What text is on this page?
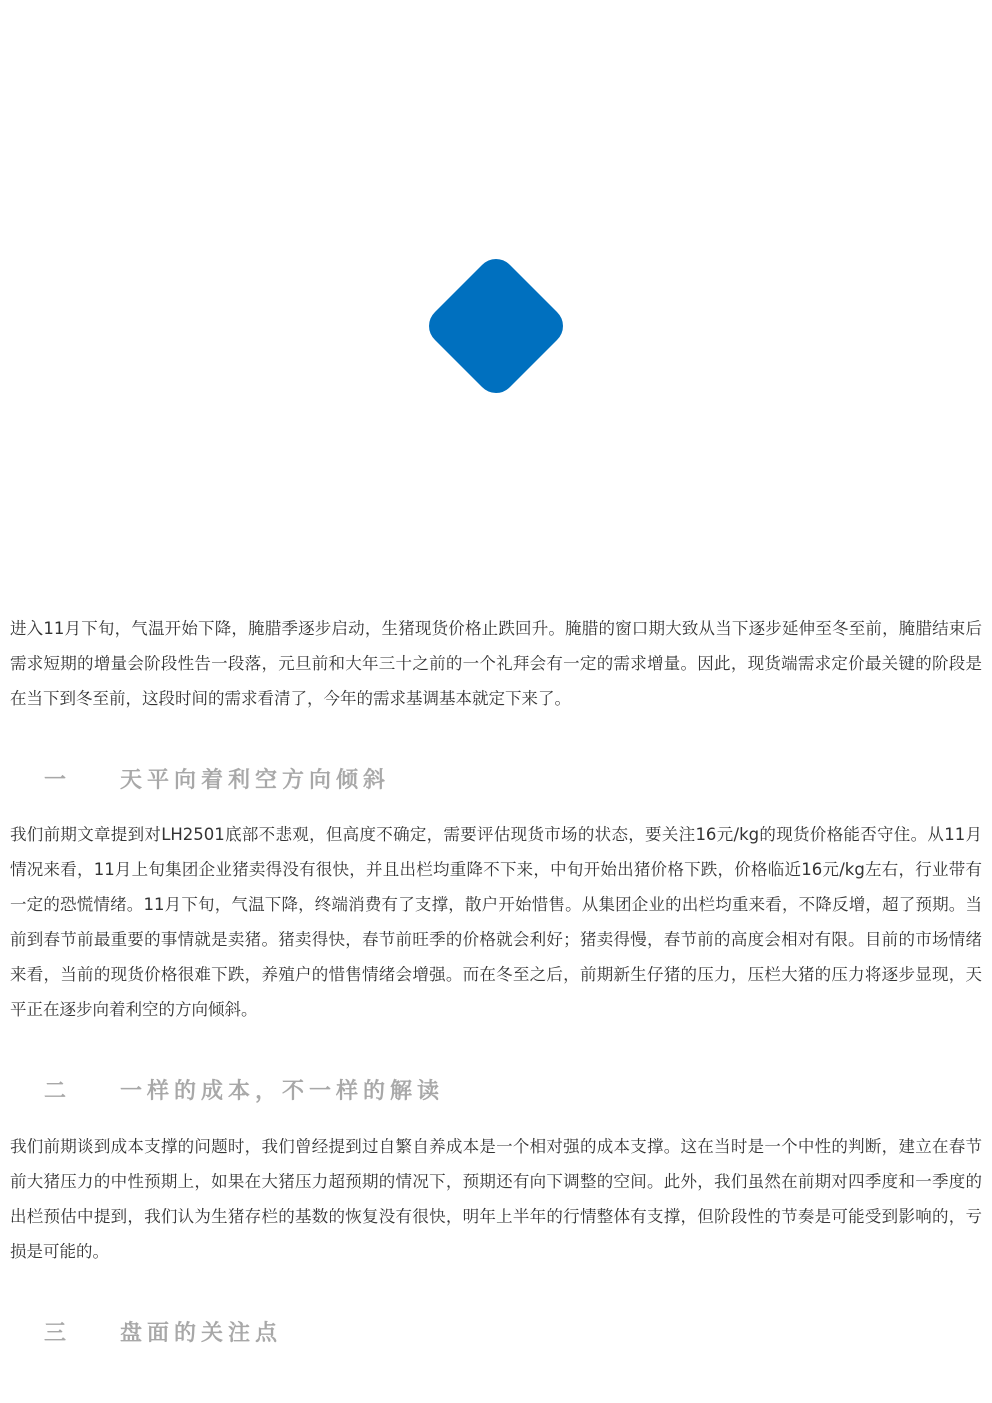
进入11月下旬，气温开始下降，腌腊季逐步启动，生猪现货价格止跌回升。腌腊的窗口期大致从当下逐步延伸至冬至前，腌腊结束后需求短期的增量会阶段性告一段落，元旦前和大年三十之前的一个礼拜会有一定的需求增量。因此，现货端需求定价最关键的阶段是在当下到冬至前，这段时间的需求看清了，今年的需求基调基本就定下来了。

一	天平向着利空方向倾斜

我们前期文章提到对LH2501底部不悲观，但高度不确定，需要评估现货市场的状态，要关注16元/kg的现货价格能否守住。从11月情况来看，11月上旬集团企业猪卖得没有很快，并且出栏均重降不下来，中旬开始出猪价格下跌，价格临近16元/kg左右，行业带有一定的恐慌情绪。11月下旬，气温下降，终端消费有了支撑，散户开始惜售。从集团企业的出栏均重来看，不降反增，超了预期。当前到春节前最重要的事情就是卖猪。猪卖得快，春节前旺季的价格就会利好；猪卖得慢，春节前的高度会相对有限。目前的市场情绪来看，当前的现货价格很难下跌，养殖户的惜售情绪会增强。而在冬至之后，前期新生仔猪的压力，压栏大猪的压力将逐步显现，天平正在逐步向着利空的方向倾斜。

二	一样的成本，不一样的解读

我们前期谈到成本支撑的问题时，我们曾经提到过自繁自养成本是一个相对强的成本支撑。这在当时是一个中性的判断，建立在春节前大猪压力的中性预期上，如果在大猪压力超预期的情况下，预期还有向下调整的空间。此外，我们虽然在前期对四季度和一季度的出栏预估中提到，我们认为生猪存栏的基数的恢复没有很快，明年上半年的行情整体有支撑，但阶段性的节奏是可能受到影响的，亏损是可能的。

三	盘面的关注点
